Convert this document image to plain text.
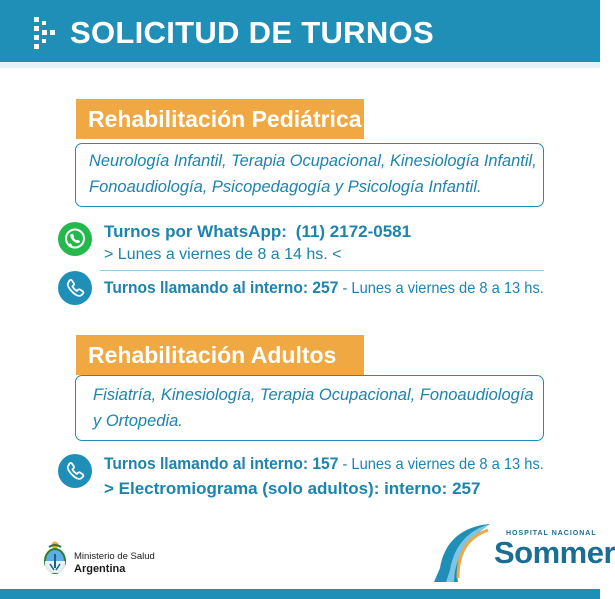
SOLICITUD DE TURNOS
Rehabilitación Pediátrica
Neurología Infantil, Terapia Ocupacional, Kinesiología Infantil,
Fonoaudiología, Psicopedagogía y Psicología Infantil.
Turnos por WhatsApp: (11) 2172-0581
> Lunes a viernes de 8 a 14 hs. <
Turnos llamando al interno: 257 - Lunes a viernes de 8 a 13 hs.
Rehabilitación Adultos
Fisiatría, Kinesiología, Terapia Ocupacional, Fonoaudiología
y Ortopedia.
Turnos llamando al interno: 157 - Lunes a viernes de 8 a 13 hs.
> Electromiograma (solo adultos): interno: 257
Ministerio de Salud
Argentina
HOSPITAL NACIONAL
Sommer
